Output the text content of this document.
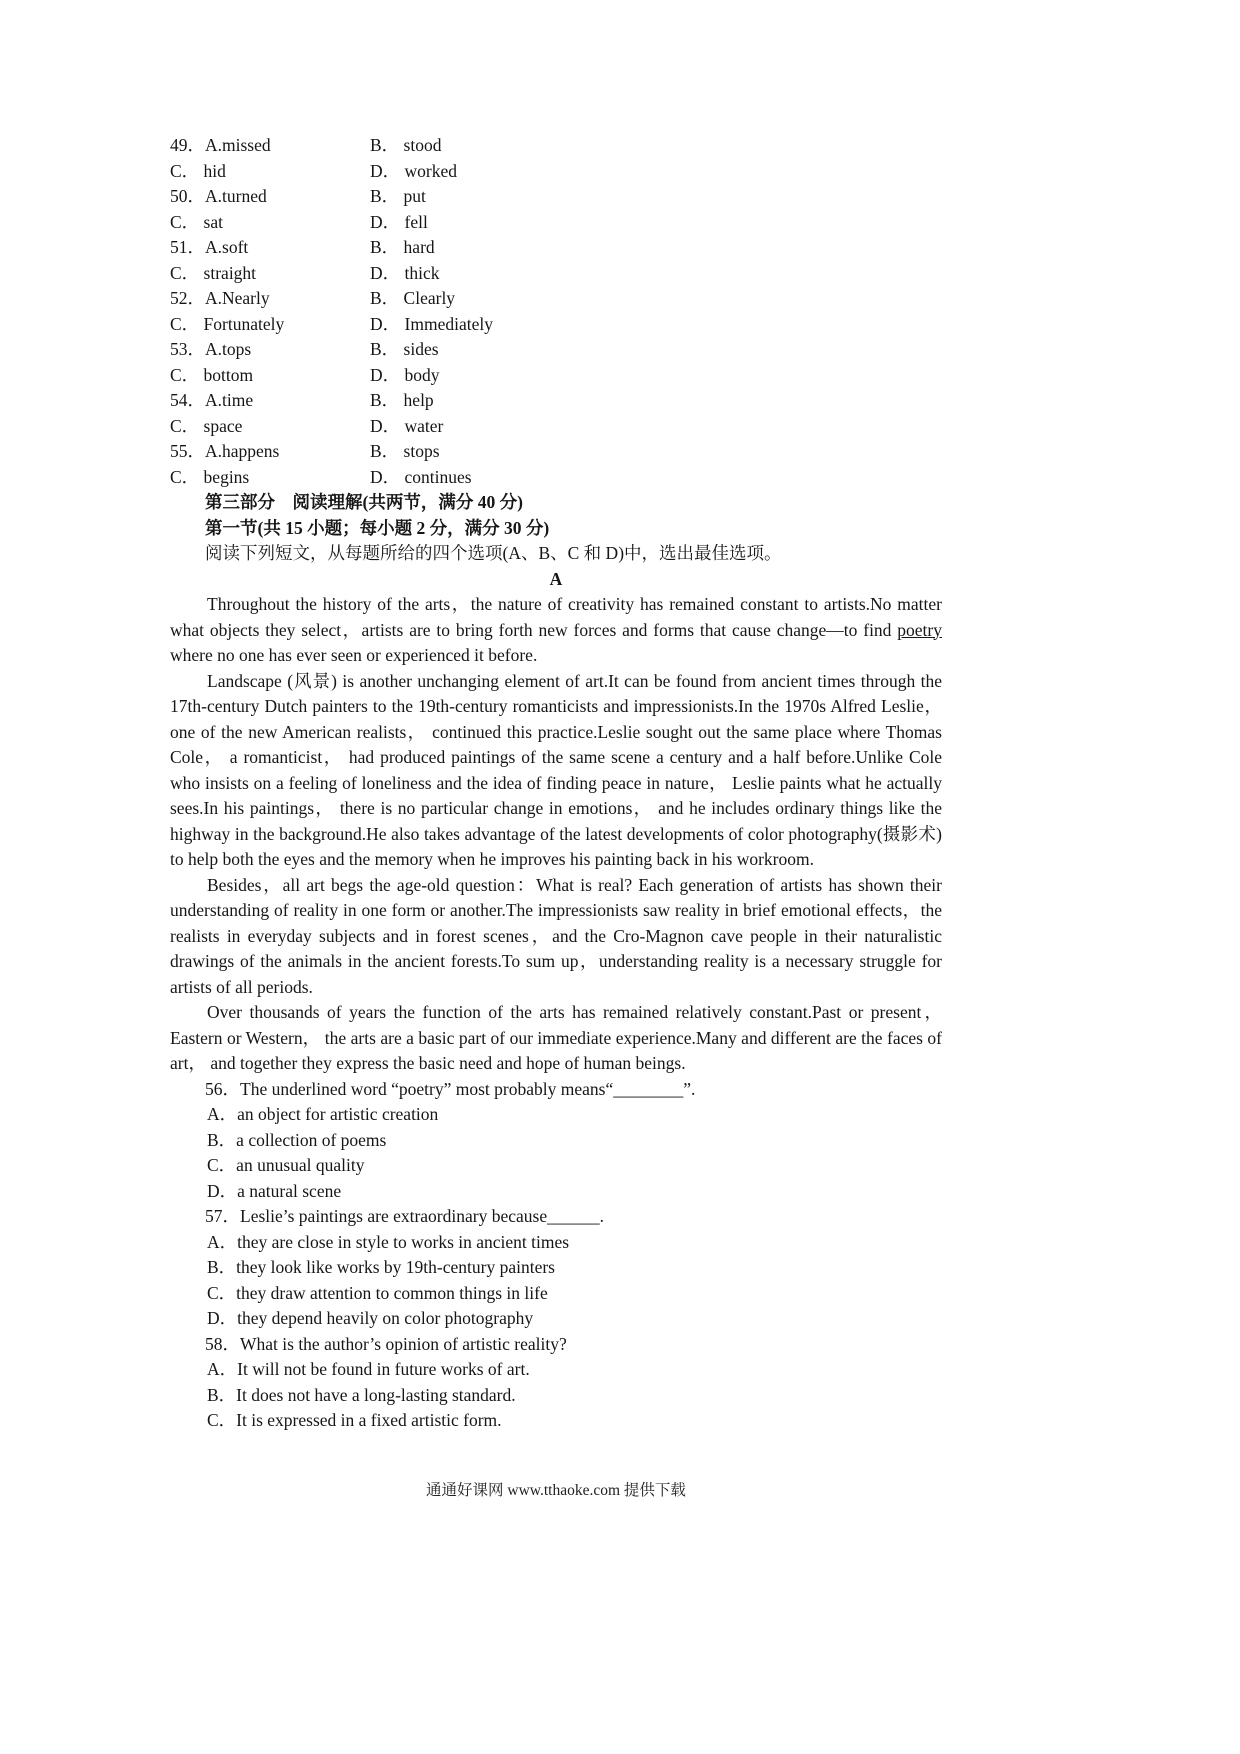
49．A.missed	B． stood
C． hid	D． worked
50．A.turned	B． put
C． sat	D． fell
51．A.soft	B． hard
C． straight	D． thick
52．A.Nearly	B． Clearly
C． Fortunately	D． Immediately
53．A.tops	B． sides
C． bottom	D． body
54．A.time	B． help
C． space	D． water
55．A.happens	B． stops
C． begins	D． continues
第三部分　阅读理解(共两节，满分 40 分)
第一节(共 15 小题；每小题 2 分，满分 30 分)
阅读下列短文，从每题所给的四个选项(A、B、C 和 D)中，选出最佳选项。
A

Throughout the history of the arts，the nature of creativity has remained constant to artists.No matter what objects they select，artists are to bring forth new forces and forms that cause change—to find poetry where no one has ever seen or experienced it before.

Landscape (风景) is another unchanging element of art.It can be found from ancient times through the 17th-century Dutch painters to the 19th-century romanticists and impressionists.In the 1970s Alfred Leslie， one of the new American realists， continued this practice.Leslie sought out the same place where Thomas Cole， a romanticist， had produced paintings of the same scene a century and a half before.Unlike Cole who insists on a feeling of loneliness and the idea of finding peace in nature， Leslie paints what he actually sees.In his paintings， there is no particular change in emotions， and he includes ordinary things like the highway in the background.He also takes advantage of the latest developments of color photography(摄影术) to help both the eyes and the memory when he improves his painting back in his workroom.

Besides，all art begs the age-old question：What is real? Each generation of artists has shown their understanding of reality in one form or another.The impressionists saw reality in brief emotional effects，the realists in everyday subjects and in forest scenes，and the Cro-Magnon cave people in their naturalistic drawings of the animals in the ancient forests.To sum up，understanding reality is a necessary struggle for artists of all periods.

Over thousands of years the function of the arts has remained relatively constant.Past or present， Eastern or Western， the arts are a basic part of our immediate experience.Many and different are the faces of art， and together they express the basic need and hope of human beings.

56．The underlined word “poetry” most probably means“________”.
A．an object for artistic creation
B．a collection of poems
C．an unusual quality
D．a natural scene
57．Leslie’s paintings are extraordinary because______.
A．they are close in style to works in ancient times
B．they look like works by 19th-century painters
C．they draw attention to common things in life
D．they depend heavily on color photography
58．What is the author’s opinion of artistic reality?
A．It will not be found in future works of art.
B．It does not have a long-lasting standard.
C．It is expressed in a fixed artistic form.
通通好课网 www.tthaoke.com 提供下载
